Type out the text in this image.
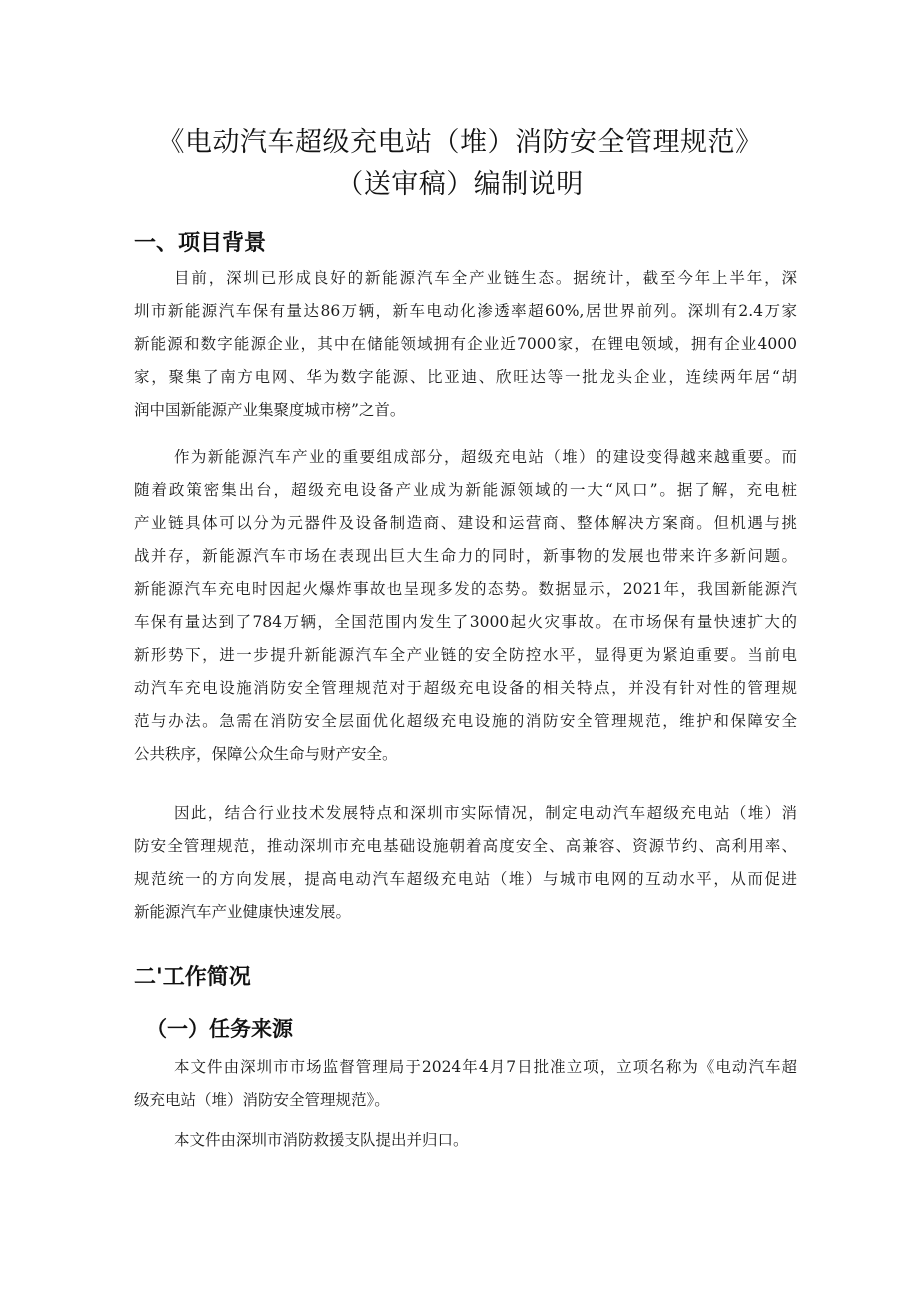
《电动汽车超级充电站（堆）消防安全管理规范》
（送审稿）编制说明
一、项目背景
目前，深圳已形成良好的新能源汽车全产业链生态。据统计，截至今年上半年，深
圳市新能源汽车保有量达86万辆，新车电动化渗透率超60%,居世界前列。深圳有2.4万家
新能源和数字能源企业，其中在储能领域拥有企业近7000家，在锂电领域，拥有企业4000
家，聚集了南方电网、华为数字能源、比亚迪、欣旺达等一批龙头企业，连续两年居“胡
润中国新能源产业集聚度城市榜”之首。
作为新能源汽车产业的重要组成部分，超级充电站（堆）的建设变得越来越重要。而
随着政策密集出台，超级充电设备产业成为新能源领域的一大“风口”。据了解，充电桩
产业链具体可以分为元器件及设备制造商、建设和运营商、整体解决方案商。但机遇与挑
战并存，新能源汽车市场在表现出巨大生命力的同时，新事物的发展也带来许多新问题。
新能源汽车充电时因起火爆炸事故也呈现多发的态势。数据显示，2021年，我国新能源汽
车保有量达到了784万辆，全国范围内发生了3000起火灾事故。在市场保有量快速扩大的
新形势下，进一步提升新能源汽车全产业链的安全防控水平，显得更为紧迫重要。当前电
动汽车充电设施消防安全管理规范对于超级充电设备的相关特点，并没有针对性的管理规
范与办法。急需在消防安全层面优化超级充电设施的消防安全管理规范，维护和保障安全
公共秩序，保障公众生命与财产安全。
因此，结合行业技术发展特点和深圳市实际情况，制定电动汽车超级充电站（堆）消
防安全管理规范，推动深圳市充电基础设施朝着高度安全、高兼容、资源节约、高利用率、
规范统一的方向发展，提高电动汽车超级充电站（堆）与城市电网的互动水平，从而促进
新能源汽车产业健康快速发展。
二'工作简况
（一）任务来源
本文件由深圳市市场监督管理局于2024年4月7日批准立项，立项名称为《电动汽车超
级充电站（堆）消防安全管理规范》。
本文件由深圳市消防救援支队提出并归口。
